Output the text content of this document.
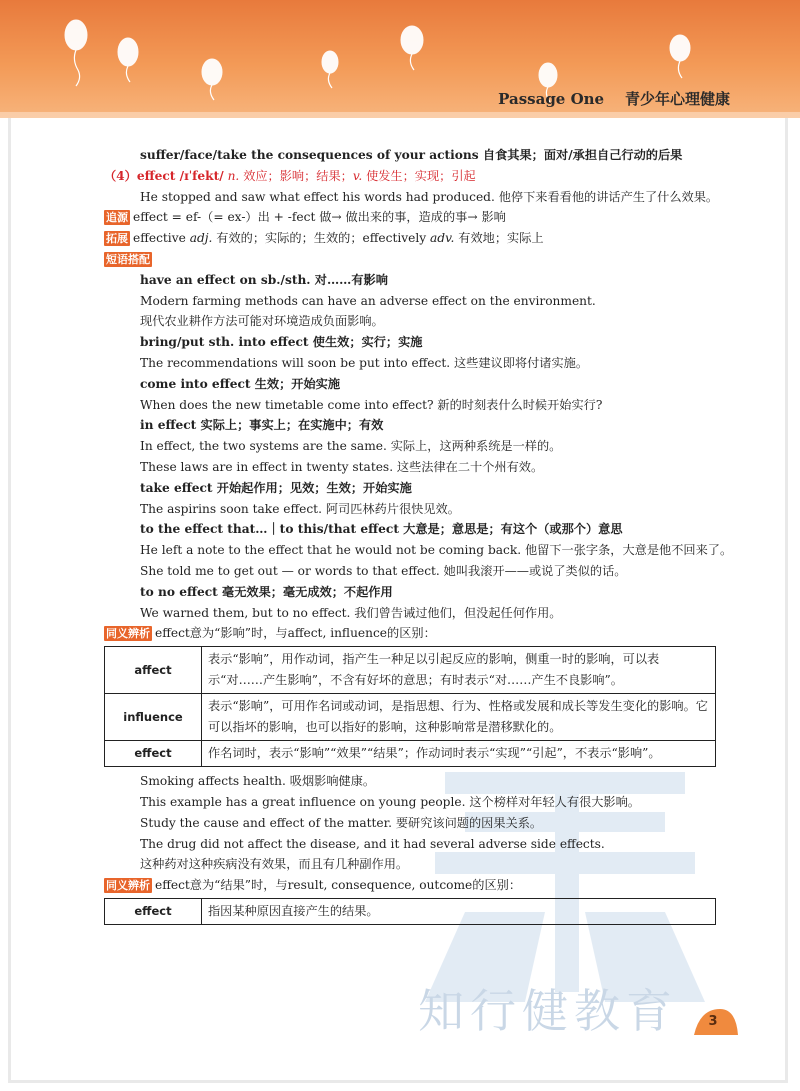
Passage One 青少年心理健康
知行健教育
suffer/face/take the consequences of your actions 自食其果；面对/承担自己行动的后果
（4）effect /ɪˈfekt/ n. 效应；影响；结果；v. 使发生；实现；引起
He stopped and saw what effect his words had produced. 他停下来看看他的讲话产生了什么效果。
追源 effect = ef-（= ex-）出 + -fect 做→ 做出来的事，造成的事→ 影响
拓展 effective adj. 有效的；实际的；生效的；effectively adv. 有效地；实际上
短语搭配
have an effect on sb./sth. 对……有影响
Modern farming methods can have an adverse effect on the environment.
现代农业耕作方法可能对环境造成负面影响。
bring/put sth. into effect 使生效；实行；实施
The recommendations will soon be put into effect. 这些建议即将付诸实施。
come into effect 生效；开始实施
When does the new timetable come into effect? 新的时刻表什么时候开始实行?
in effect 实际上；事实上；在实施中；有效
In effect, the two systems are the same. 实际上，这两种系统是一样的。
These laws are in effect in twenty states. 这些法律在二十个州有效。
take effect 开始起作用；见效；生效；开始实施
The aspirins soon take effect. 阿司匹林药片很快见效。
to the effect that…｜to this/that effect 大意是；意思是；有这个（或那个）意思
He left a note to the effect that he would not be coming back. 他留下一张字条，大意是他不回来了。
She told me to get out — or words to that effect. 她叫我滚开——或说了类似的话。
to no effect 毫无效果；毫无成效；不起作用
We warned them, but to no effect. 我们曾告诫过他们，但没起任何作用。
同义辨析 effect意为“影响”时，与affect, influence的区别：
affect	表示“影响”，用作动词，指产生一种足以引起反应的影响，侧重一时的影响，可以表示“对……产生影响”，不含有好坏的意思；有时表示“对……产生不良影响”。
influence	表示“影响”，可用作名词或动词，是指思想、行为、性格或发展和成长等发生变化的影响。它可以指坏的影响，也可以指好的影响，这种影响常是潜移默化的。
effect	作名词时，表示“影响”“效果”“结果”；作动词时表示“实现”“引起”，不表示“影响”。
Smoking affects health. 吸烟影响健康。
This example has a great influence on young people. 这个榜样对年轻人有很大影响。
Study the cause and effect of the matter. 要研究该问题的因果关系。
The drug did not affect the disease, and it had several adverse side effects.
这种药对这种疾病没有效果，而且有几种副作用。
同义辨析 effect意为“结果”时，与result, consequence, outcome的区别：
effect	指因某种原因直接产生的结果。
3
